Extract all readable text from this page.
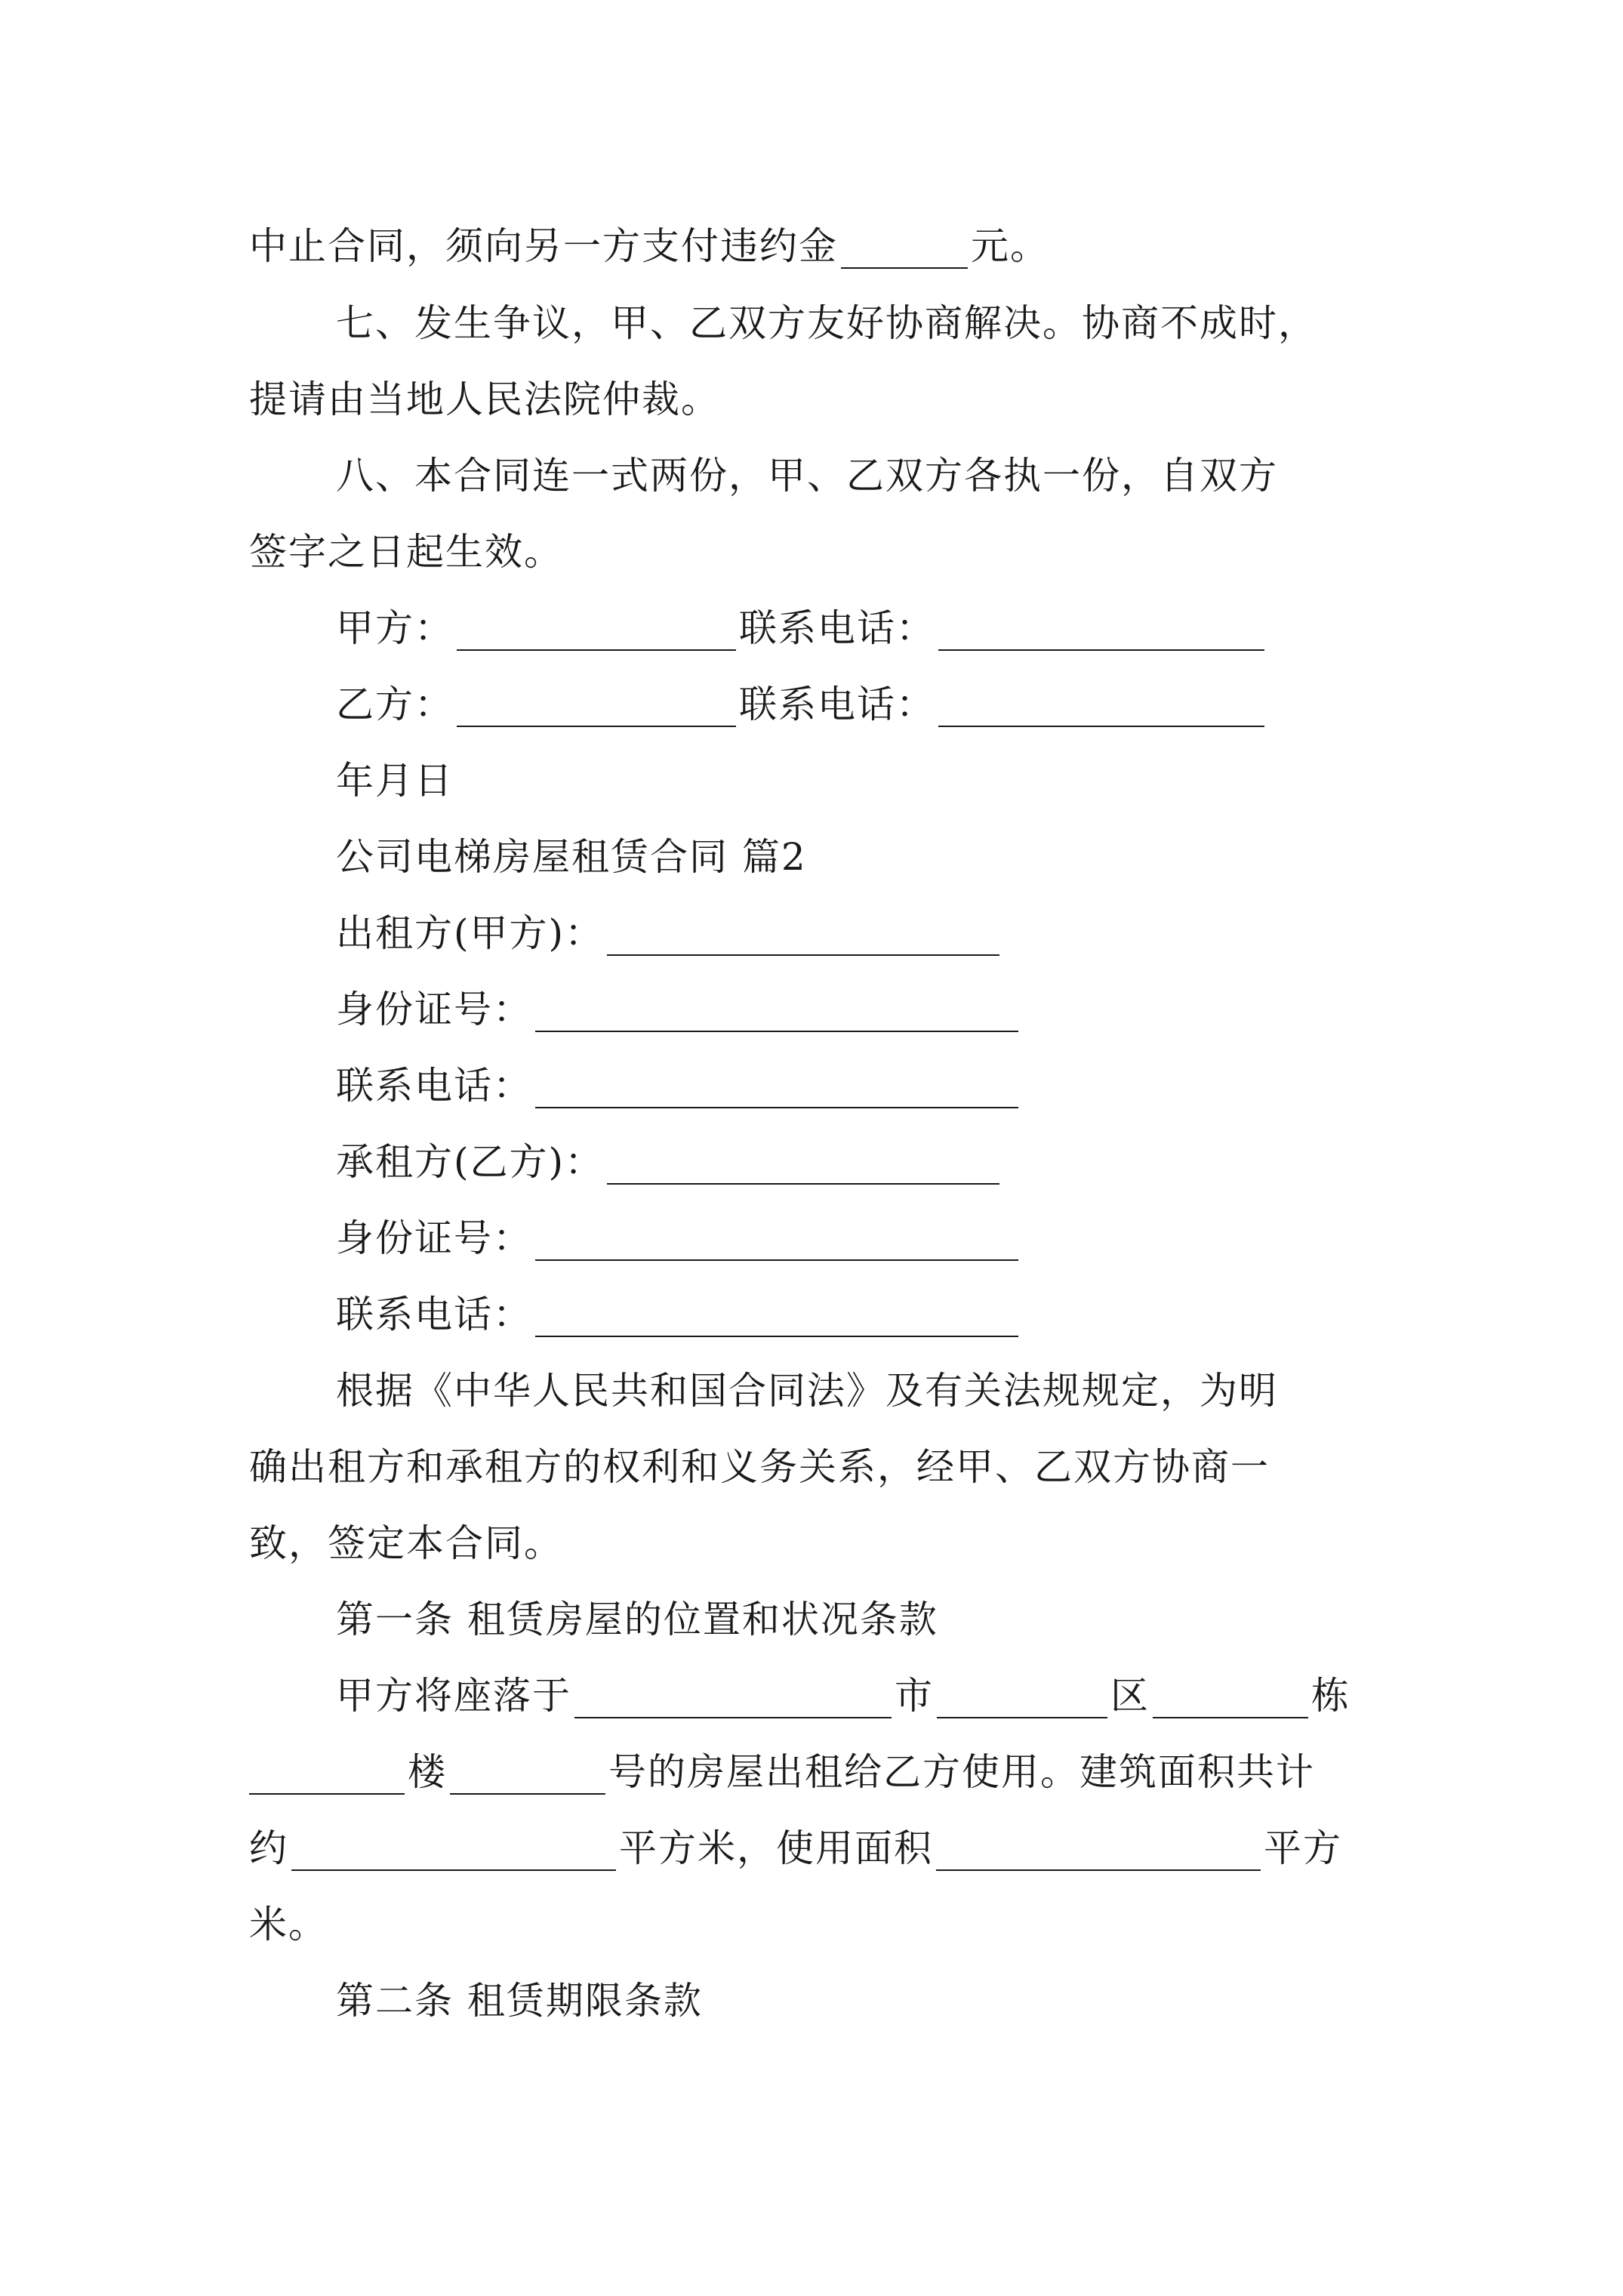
中止合同，须向另一方支付违约金	元。
七、发生争议，甲、乙双方友好协商解决。协商不成时，
提请由当地人民法院仲裁。
八、本合同连一式两份，甲、乙双方各执一份，自双方
签字之日起生效。
甲方：	联系电话：
乙方：	联系电话：
年月日
公司电梯房屋租赁合同 篇2
出租方(甲方)：
身份证号：
联系电话：
承租方(乙方)：
身份证号：
联系电话：
根据《中华人民共和国合同法》及有关法规规定，为明
确出租方和承租方的权利和义务关系，经甲、乙双方协商一
致，签定本合同。
第一条 租赁房屋的位置和状况条款
甲方将座落于	市	区	栋
楼	号的房屋出租给乙方使用。建筑面积共计
约	平方米，使用面积	平方
米。
第二条 租赁期限条款
